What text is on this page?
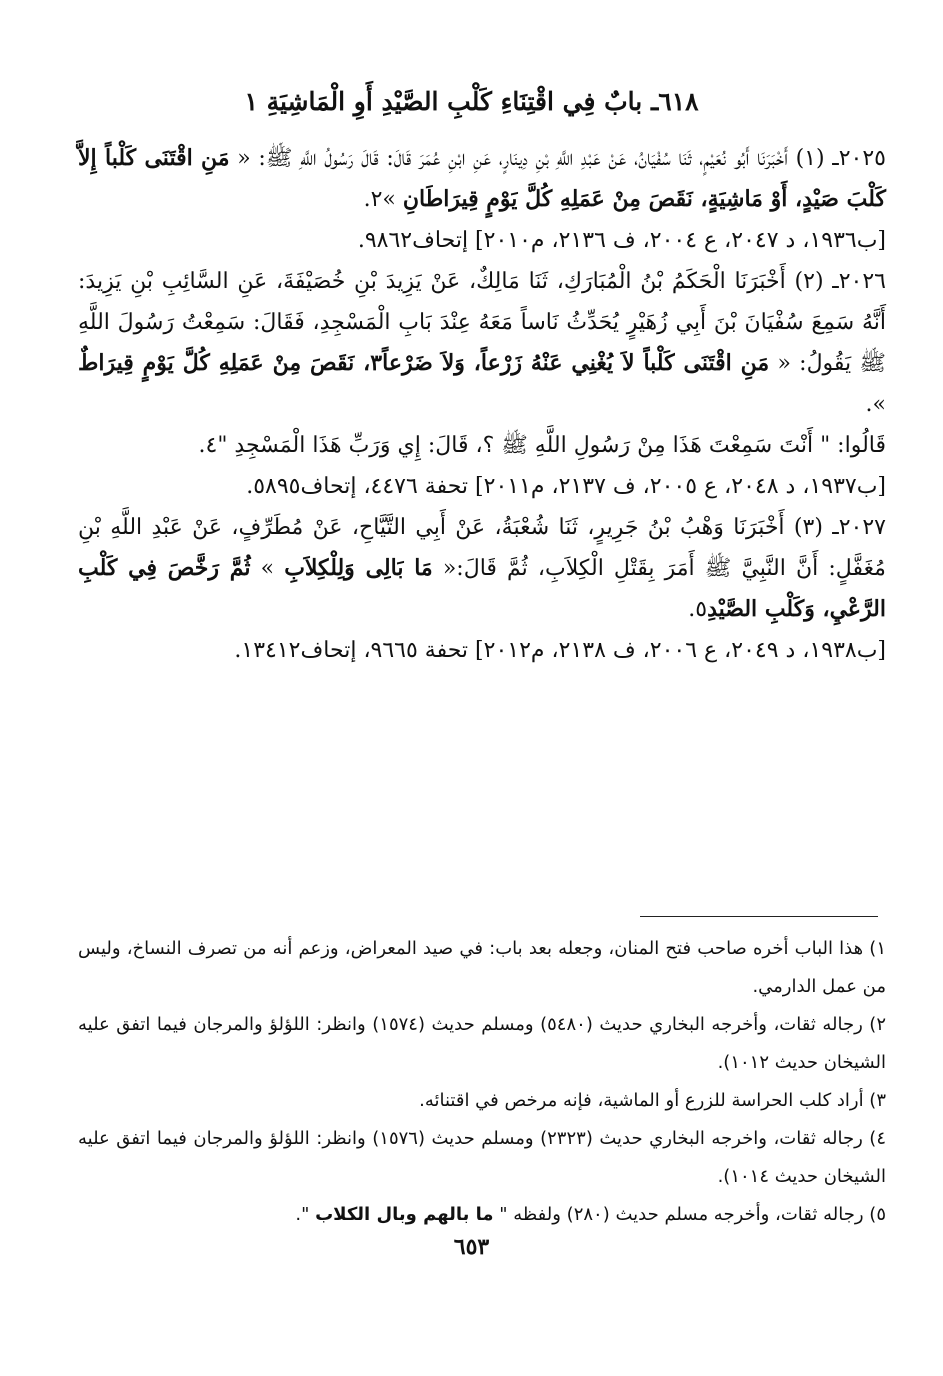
٦١٨ـ بابٌ فِي اقْتِنَاءِ كَلْبِ الصَّيْدِ أَوِ الْمَاشِيَةِ ١

٢٠٢٥ـ (١) أَخْبَرَنَا أَبُو نُعَيْمٍ، ثَنَا سُفْيَانُ، عَنْ عَبْدِ اللَّهِ بْنِ دِينَارٍ، عَنِ ابْنِ عُمَرَ قَالَ: قَالَ رَسُولُ اللَّهِ ﷺ: « مَنِ اقْتَنَى كَلْباً إِلاَّ كَلْبَ صَيْدٍ، أَوْ مَاشِيَةٍ، نَقَصَ مِنْ عَمَلِهِ كُلَّ يَوْمٍ قِيرَاطَانِ »٢.

[ب١٩٣٦، د ٢٠٤٧، ع ٢٠٠٤، ف ٢١٣٦، م٢٠١٠] إتحاف٩٨٦٢.

٢٠٢٦ـ (٢) أَخْبَرَنَا الْحَكَمُ بْنُ الْمُبَارَكِ، ثَنَا مَالِكٌ، عَنْ يَزِيدَ بْنِ خُصَيْفَةَ، عَنِ السَّائِبِ بْنِ يَزِيدَ: أَنَّهُ سَمِعَ سُفْيَانَ بْنَ أَبِي زُهَيْرٍ يُحَدِّثُ نَاساً مَعَهُ عِنْدَ بَابِ الْمَسْجِدِ، فَقَالَ: سَمِعْتُ رَسُولَ اللَّهِ ﷺ يَقُولُ: « مَنِ اقْتَنَى كَلْباً لاَ يُغْنِي عَنْهُ زَرْعاً، وَلاَ ضَرْعاً٣، نَقَصَ مِنْ عَمَلِهِ كُلَّ يَوْمٍ قِيرَاطٌ ».

قَالُوا: " أَنْتَ سَمِعْتَ هَذَا مِنْ رَسُولِ اللَّهِ ﷺ ؟، قَالَ: إِي وَرَبِّ هَذَا الْمَسْجِدِ "٤.

[ب١٩٣٧، د ٢٠٤٨، ع ٢٠٠٥، ف ٢١٣٧، م٢٠١١] تحفة ٤٤٧٦، إتحاف٥٨٩٥.

٢٠٢٧ـ (٣) أَخْبَرَنَا وَهْبُ بْنُ جَرِيرٍ، ثَنَا شُعْبَةُ، عَنْ أَبِي التَّيَّاحِ، عَنْ مُطَرِّفٍ، عَنْ عَبْدِ اللَّهِ بْنِ مُغَفَّلٍ: أَنَّ النَّبِيَّ ﷺ أَمَرَ بِقَتْلِ الْكِلاَبِ، ثُمَّ قَالَ:« مَا بَالِى وَلِلْكِلاَبِ » ثُمَّ رَخَّصَ فِي كَلْبِ الرَّعْيِ، وَكَلْبِ الصَّيْدِ٥.

[ب١٩٣٨، د ٢٠٤٩، ع ٢٠٠٦، ف ٢١٣٨، م٢٠١٢] تحفة ٩٦٦٥، إتحاف١٣٤١٢.

١) هذا الباب أخره صاحب فتح المنان، وجعله بعد باب: في صيد المعراض، وزعم أنه من تصرف النساخ، وليس من عمل الدارمي.

٢) رجاله ثقات، وأخرجه البخاري حديث (٥٤٨٠) ومسلم حديث (١٥٧٤) وانظر: اللؤلؤ والمرجان فيما اتفق عليه الشيخان حديث ١٠١٢).

٣) أراد كلب الحراسة للزرع أو الماشية، فإنه مرخص في اقتنائه.

٤) رجاله ثقات، واخرجه البخاري حديث (٢٣٢٣) ومسلم حديث (١٥٧٦) وانظر: اللؤلؤ والمرجان فيما اتفق عليه الشيخان حديث ١٠١٤).

٥) رجاله ثقات، وأخرجه مسلم حديث (٢٨٠) ولفظه " ما بالهم وبال الكلاب ".

٦٥٣
